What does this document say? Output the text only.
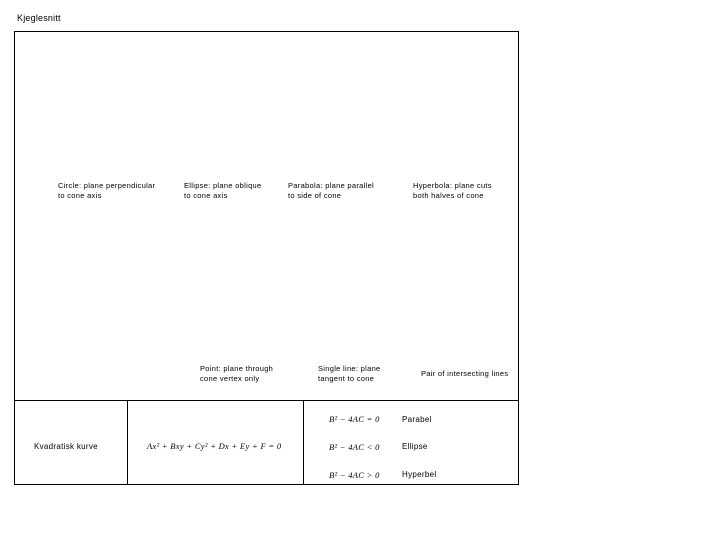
Kjeglesnitt
Circle: plane perpendicular to cone axis
Ellipse: plane oblique to cone axis
Parabola: plane parallel to side of cone
Hyperbola: plane cuts both halves of cone
Point: plane through cone vertex only
Single line: plane tangent to cone
Pair of intersecting lines
Kvadratisk kurve	Ax² + Bxy + Cy² + Dx + Ey + F = 0
B² − 4AC = 0	Parabel
B² − 4AC < 0	Ellipse
B² − 4AC > 0	Hyperbel
